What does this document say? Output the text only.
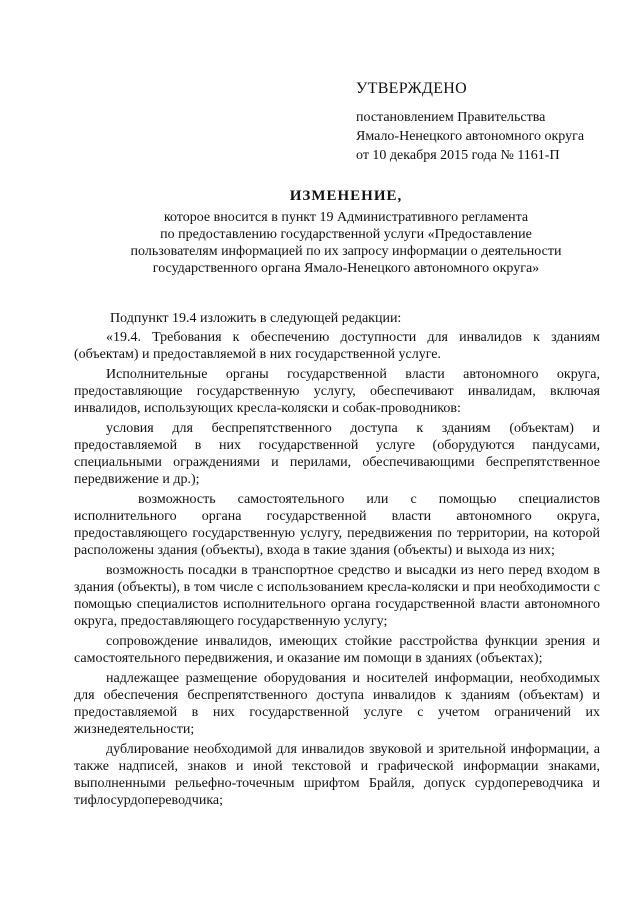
УТВЕРЖДЕНО
постановлением Правительства
Ямало-Ненецкого автономного округа
от 10 декабря 2015 года № 1161-П
ИЗМЕНЕНИЕ,
которое вносится в пункт 19 Административного регламента
по предоставлению государственной услуги «Предоставление
пользователям информацией по их запросу информации о деятельности
государственного органа Ямало-Ненецкого автономного округа»

Подпункт 19.4 изложить в следующей редакции:

«19.4. Требования к обеспечению доступности для инвалидов к зданиям (объектам) и предоставляемой в них государственной услуге.

Исполнительные органы государственной власти автономного округа, предоставляющие государственную услугу, обеспечивают инвалидам, включая инвалидов, использующих кресла-коляски и собак-проводников:

условия для беспрепятственного доступа к зданиям (объектам) и предоставляемой в них государственной услуге (оборудуются пандусами, специальными ограждениями и перилами, обеспечивающими беспрепятственное передвижение и др.);

возможность самостоятельного или с помощью специалистов исполнительного органа государственной власти автономного округа, предоставляющего государственную услугу, передвижения по территории, на которой расположены здания (объекты), входа в такие здания (объекты) и выхода из них;

возможность посадки в транспортное средство и высадки из него перед входом в здания (объекты), в том числе с использованием кресла-коляски и при необходимости с помощью специалистов исполнительного органа государственной власти автономного округа, предоставляющего государственную услугу;

сопровождение инвалидов, имеющих стойкие расстройства функции зрения и самостоятельного передвижения, и оказание им помощи в зданиях (объектах);

надлежащее размещение оборудования и носителей информации, необходимых для обеспечения беспрепятственного доступа инвалидов к зданиям (объектам) и предоставляемой в них государственной услуге с учетом ограничений их жизнедеятельности;

дублирование необходимой для инвалидов звуковой и зрительной информации, а также надписей, знаков и иной текстовой и графической информации знаками, выполненными рельефно-точечным шрифтом Брайля, допуск сурдопереводчика и тифлосурдопереводчика;
